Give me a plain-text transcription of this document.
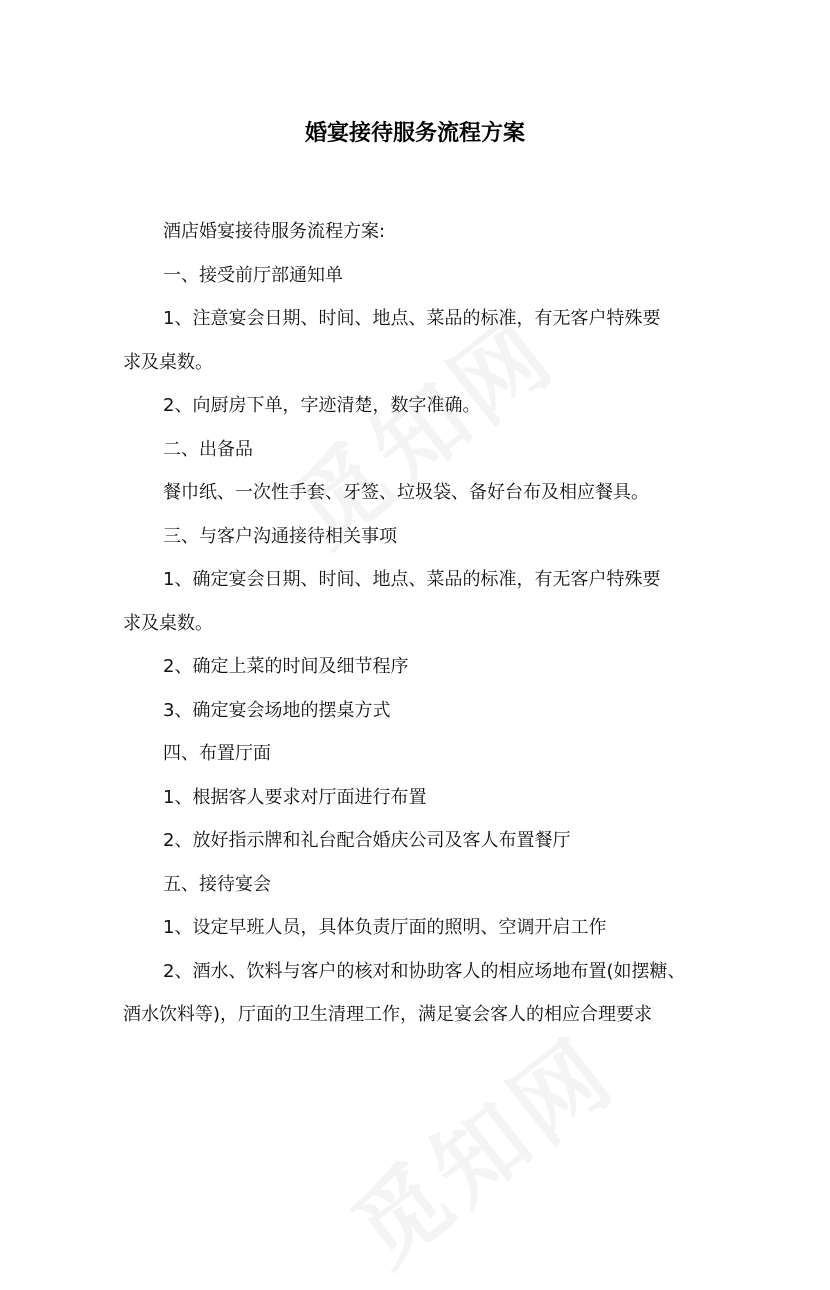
婚宴接待服务流程方案
酒店婚宴接待服务流程方案:
一、接受前厅部通知单
1、注意宴会日期、时间、地点、菜品的标准，有无客户特殊要
求及桌数。
2、向厨房下单，字迹清楚，数字准确。
二、出备品
餐巾纸、一次性手套、牙签、垃圾袋、备好台布及相应餐具。
三、与客户沟通接待相关事项
1、确定宴会日期、时间、地点、菜品的标准，有无客户特殊要
求及桌数。
2、确定上菜的时间及细节程序
3、确定宴会场地的摆桌方式
四、布置厅面
1、根据客人要求对厅面进行布置
2、放好指示牌和礼台配合婚庆公司及客人布置餐厅
五、接待宴会
1、设定早班人员，具体负责厅面的照明、空调开启工作
2、酒水、饮料与客户的核对和协助客人的相应场地布置(如摆糖、
酒水饮料等)，厅面的卫生清理工作，满足宴会客人的相应合理要求
